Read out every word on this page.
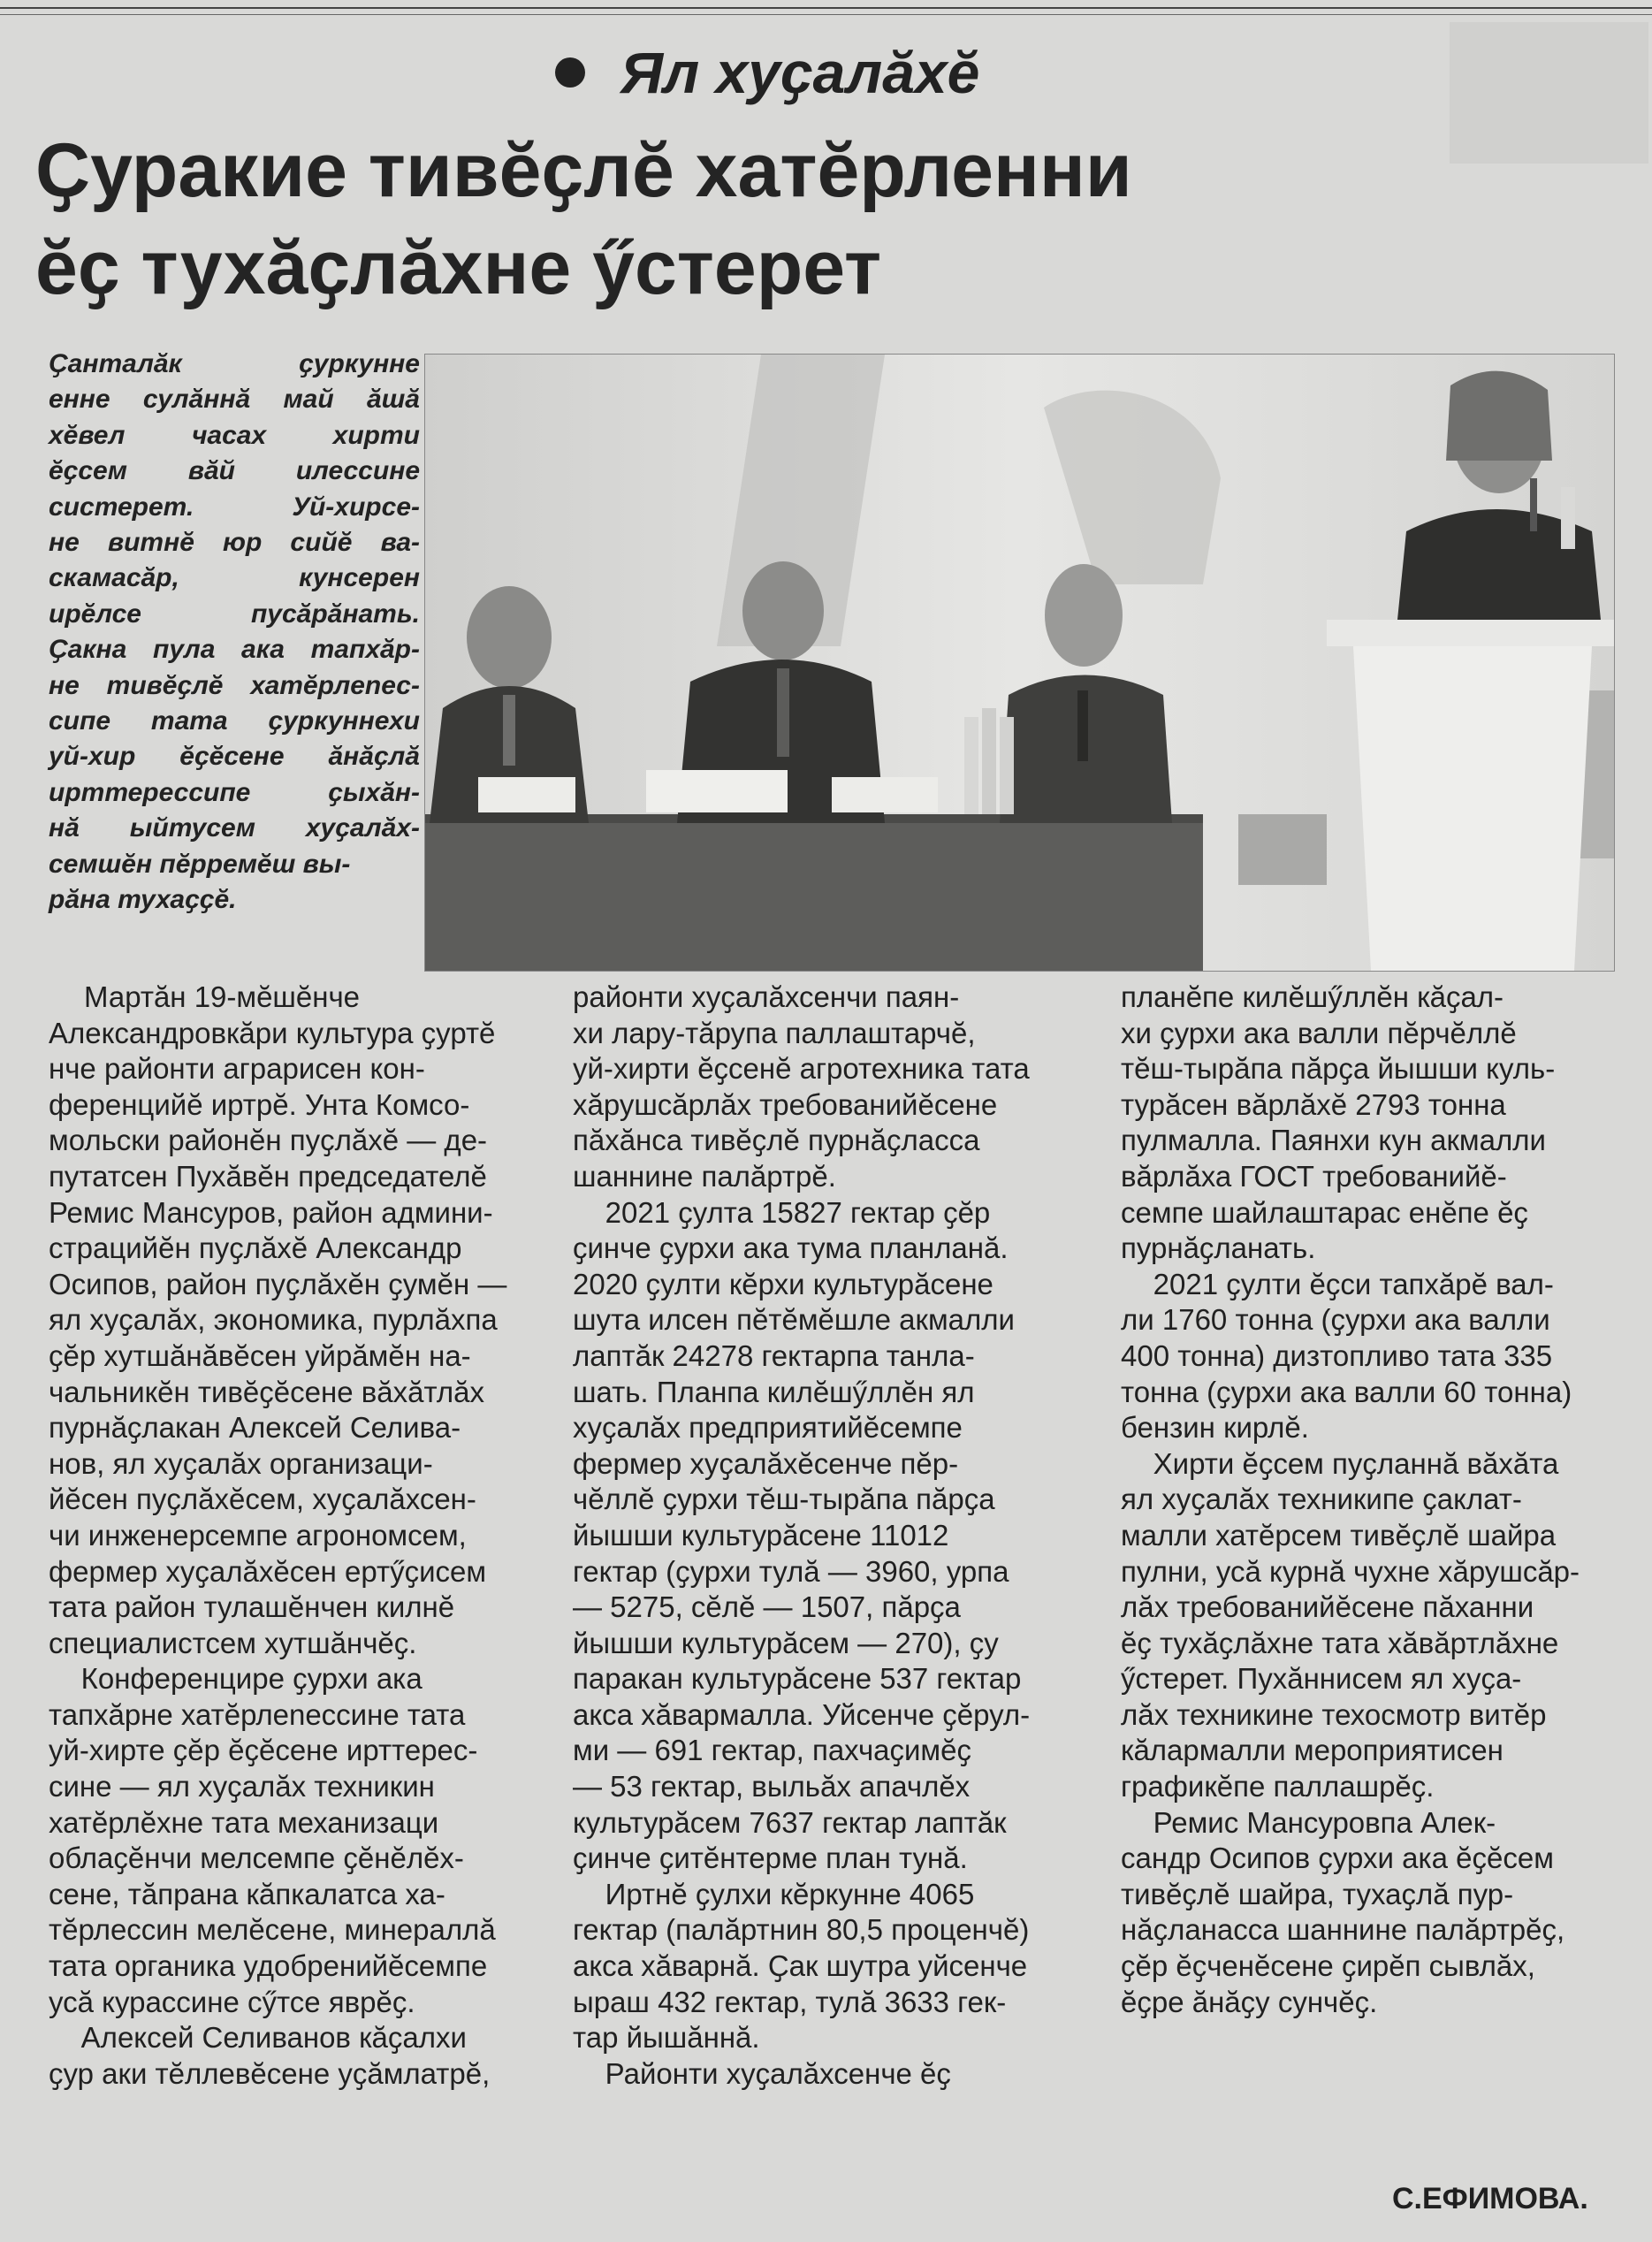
Ял хуҫалӑхӗ
Ҫуракие тивӗҫлӗ хатӗрленни
ӗҫ тухӑҫлӑхне ӳстерет
Ҫанталӑк ҫуркунне
енне сулӑннӑ май ӑшӑ
хӗвел часах хирти
ӗҫсем вӑй илессине
систерет. Уй-хирсе-
не витнӗ юр сийӗ ва-
скамасӑр, кунсерен
ирӗлсе пусӑрӑнать.
Ҫакна пула ака тапхӑр-
не тивӗҫлӗ хатӗрлenес-
сипе тата ҫуркуннехи
уй-хир ӗҫӗсене ӑнӑҫлӑ
ирттерессипе ҫыхӑн-
нӑ ыйтусем хуҫалӑх-
семшӗн пӗрремӗш вы-
рӑна тухаҫҫӗ.
Мартӑн 19-мӗшӗнче
Александровкӑри культура ҫуртӗ
нче районти аграрисен кон-
ференцийӗ иртрӗ. Унта Комсо-
мольски районӗн пуҫлӑхӗ — де-
путатсен Пухӑвӗн председателӗ
Ремис Мансуров, район админи-
страцийӗн пуҫлӑхӗ Александр
Осипов, район пуҫлӑхӗн ҫумӗн —
ял хуҫалӑх, экономика, пурлӑхпа
ҫӗр хутшӑнӑвӗсен уйрӑмӗн на-
чальникӗн тивӗҫӗсене вӑхӑтлӑх
пурнӑҫлакан Алексей Селива-
нов, ял хуҫалӑх организаци-
йӗсен пуҫлӑхӗсем, хуҫалӑхсен-
чи инженерсемпе агрономсем,
фермер хуҫалӑхӗсен ертӳҫисем
тата район тулашӗнчен килнӗ
специалистсем хутшӑнчӗҫ.
Конференцире ҫурхи ака
тапхӑрне хатӗрлenессине тата
уй-хирте ҫӗр ӗҫӗсене ирттерес-
сине — ял хуҫалӑх техникин
хатӗрлӗхне тата механизаци
облаҫӗнчи мелсемпе ҫӗнӗлӗх-
сене, тӑпрана кӑпкалатса ха-
тӗрлессин мелӗсене, минераллӑ
тата органика удобренийӗсемпе
усӑ курассине сӳтсе яврӗҫ.
Алексей Селиванов кӑҫалхи
ҫур аки тӗллевӗсене уҫӑмлатрӗ,
районти хуҫалӑхсенчи паян-
хи лару-тӑрупа паллаштарчӗ,
уй-хирти ӗҫсенӗ агротехника тата
хӑрушсӑрлӑх требованийӗсене
пӑхӑнса тивӗҫлӗ пурнӑҫласса
шаннине палӑртрӗ.
2021 ҫулта 15827 гектар ҫӗр
ҫинче ҫурхи ака тума планланӑ.
2020 ҫулти кӗрхи культурӑсене
шута илсен пӗтӗмӗшле акмалли
лаптӑк 24278 гектарпа танла-
шать. Планпа килӗшӳллӗн ял
хуҫалӑх предприятийӗсемпе
фермер хуҫалӑхӗсенче пӗр-
чӗллӗ ҫурхи тӗш-тырӑпа пӑрҫа
йышши культурӑсене 11012
гектар (ҫурхи тулӑ — 3960, урпа
— 5275, сӗлӗ — 1507, пӑрҫа
йышши культурӑсем — 270), ҫу
паракан культурӑсене 537 гектар
акса хӑвармалла. Уйсенче ҫӗрул-
ми — 691 гектар, пахчаҫимӗҫ
— 53 гектар, выльӑх апачлӗх
культурӑсем 7637 гектар лаптӑк
ҫинче ҫитӗнтерме план тунӑ.
Иртнӗ ҫулхи кӗркунне 4065
гектар (палӑртнин 80,5 проценчӗ)
акса хӑварнӑ. Ҫак шутра уйсенче
ыраш 432 гектар, тулӑ 3633 гек-
тар йышӑннӑ.
Районти хуҫалӑхсенче ӗҫ
планӗпе килӗшӳллӗн кӑҫал-
хи ҫурхи ака валли пӗрчӗллӗ
тӗш-тырӑпа пӑрҫа йышши куль-
турӑсен вӑрлӑхӗ 2793 тонна
пулмалла. Паянхи кун акмалли
вӑрлӑха ГОСТ требованийӗ-
семпе шайлаштарас енӗпе ӗҫ
пурнӑҫланать.
2021 ҫулти ӗҫси тапхӑрӗ вал-
ли 1760 тонна (ҫурхи ака валли
400 тонна) дизтопливо тата 335
тонна (ҫурхи ака валли 60 тонна)
бензин кирлӗ.
Хирти ӗҫсем пуҫланнӑ вӑхӑта
ял хуҫалӑх техникипе ҫаклат-
малли хатӗрсем тивӗҫлӗ шайра
пулни, усӑ курнӑ чухне хӑрушсӑр-
лӑх требованийӗсене пӑханни
ӗҫ тухӑҫлӑхне тата хӑвӑртлӑхне
ӳстерет. Пухӑннисем ял хуҫа-
лӑх техникине техосмотр витӗр
кӑлармалли мероприятисен
графикӗпе паллашрӗҫ.
Ремис Мансуровпа Алек-
сандр Осипов ҫурхи ака ӗҫӗсем
тивӗҫлӗ шайра, тухаҫлӑ пур-
нӑҫланасса шаннине палӑртрӗҫ,
ҫӗр ӗҫченӗсене ҫирӗп сывлӑх,
ӗҫре ӑнӑҫу сунчӗҫ.
С.ЕФИМОВА.
